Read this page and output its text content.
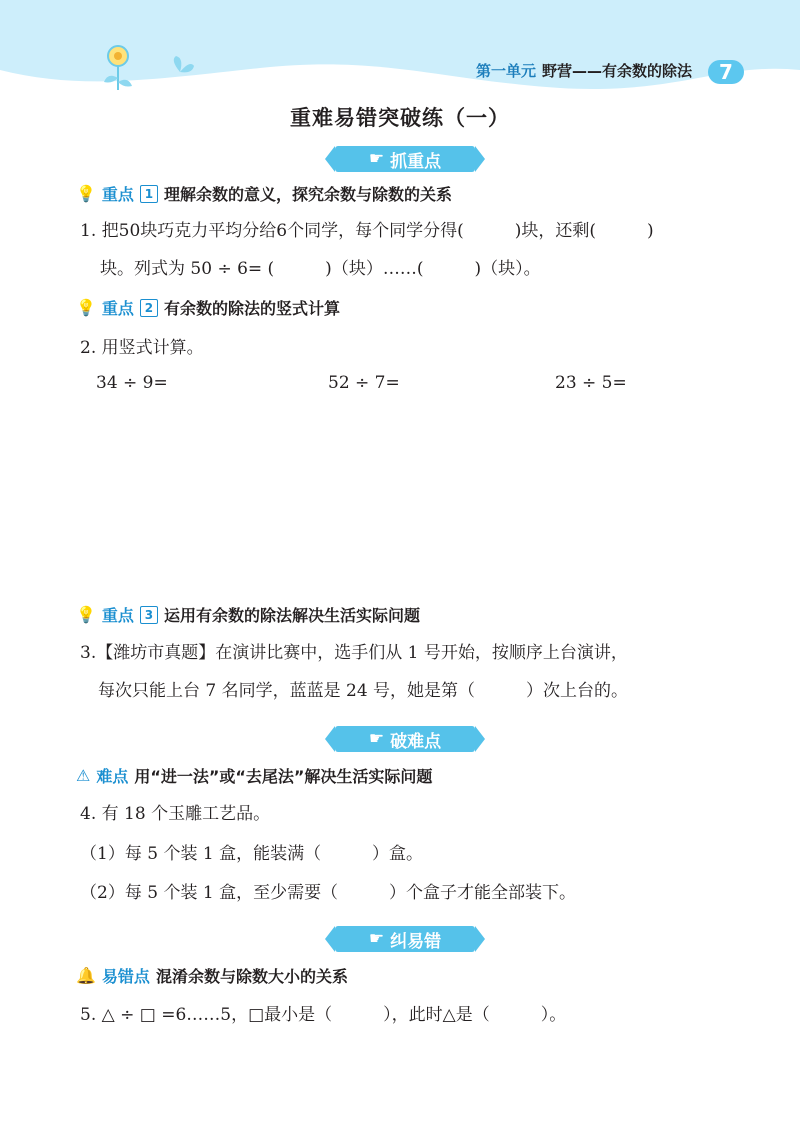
第一单元 野营——有余数的除法	7
重难易错突破练（一）
☛ 抓重点
💡 重点 1 理解余数的意义，探究余数与除数的关系
1. 把50块巧克力平均分给6个同学，每个同学分得(　　　)块，还剩(　　　)
块。列式为 50 ÷ 6= (　　　)（块）……(　　　)（块）。
💡 重点 2 有余数的除法的竖式计算
2. 用竖式计算。
34 ÷ 9=	52 ÷ 7=	23 ÷ 5=
💡 重点 3 运用有余数的除法解决生活实际问题
3.【潍坊市真题】在演讲比赛中，选手们从 1 号开始，按顺序上台演讲，
每次只能上台 7 名同学，蓝蓝是 24 号，她是第（　　　）次上台的。
☛ 破难点
⚠ 难点 用“进一法”或“去尾法”解决生活实际问题
4. 有 18 个玉雕工艺品。
（1）每 5 个装 1 盒，能装满（　　　）盒。
（2）每 5 个装 1 盒，至少需要（　　　）个盒子才能全部装下。
☛ 纠易错
🔔 易错点 混淆余数与除数大小的关系
5. △ ÷ □ =6……5，□最小是（　　　），此时△是（　　　）。
